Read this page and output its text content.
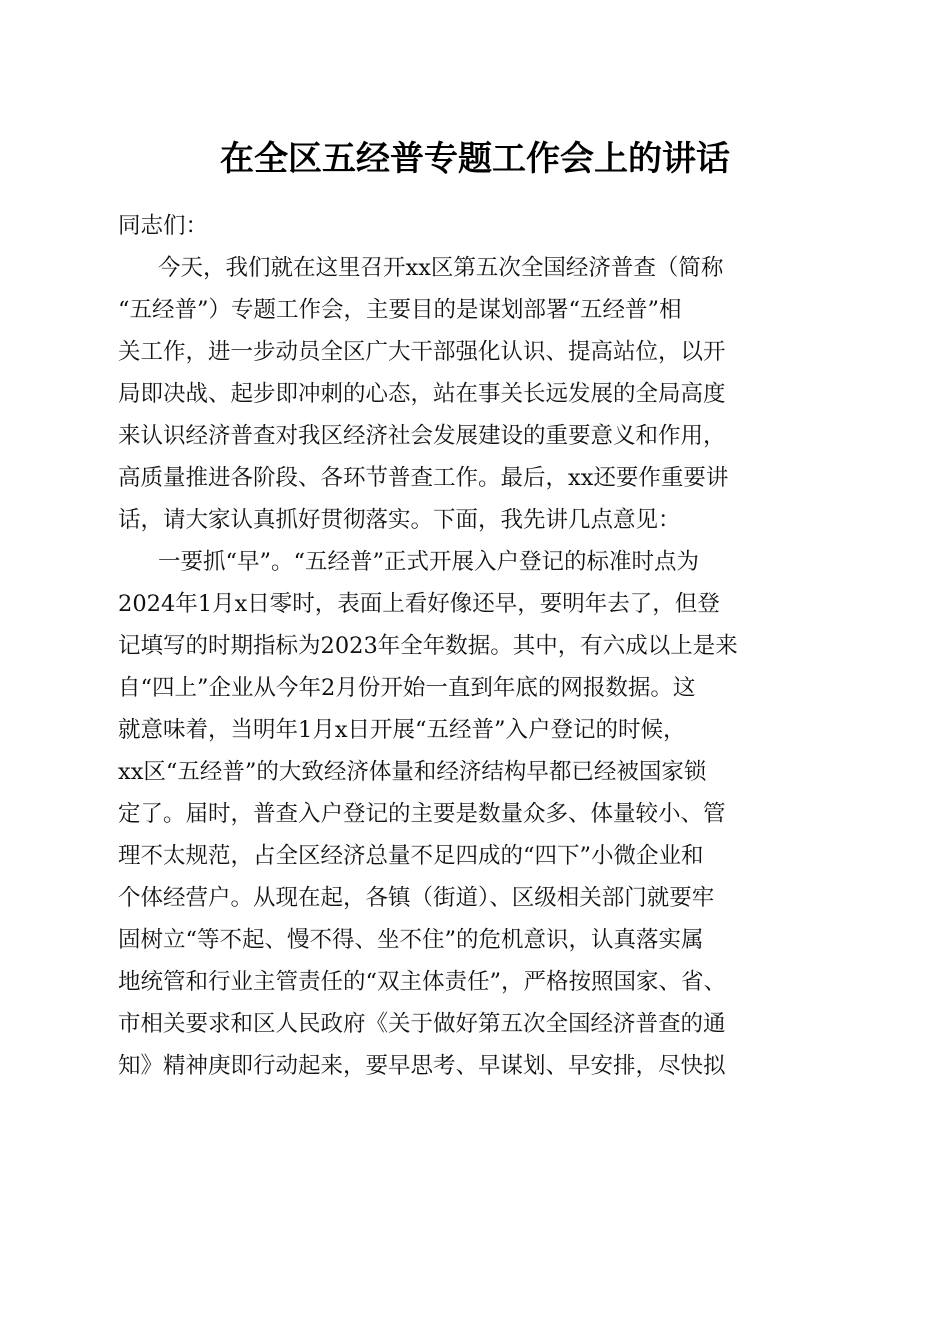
在全区五经普专题工作会上的讲话
同志们：
今天，我们就在这里召开xx区第五次全国经济普查（简称
“五经普”）专题工作会，主要目的是谋划部署“五经普”相
关工作，进一步动员全区广大干部强化认识、提高站位，以开
局即决战、起步即冲刺的心态，站在事关长远发展的全局高度
来认识经济普查对我区经济社会发展建设的重要意义和作用，
高质量推进各阶段、各环节普查工作。最后，xx还要作重要讲
话，请大家认真抓好贯彻落实。下面，我先讲几点意见：
一要抓“早”。“五经普”正式开展入户登记的标准时点为
2024年1月x日零时，表面上看好像还早，要明年去了，但登
记填写的时期指标为2023年全年数据。其中，有六成以上是来
自“四上”企业从今年2月份开始一直到年底的网报数据。这
就意味着，当明年1月x日开展“五经普”入户登记的时候，
xx区“五经普”的大致经济体量和经济结构早都已经被国家锁
定了。届时，普查入户登记的主要是数量众多、体量较小、管
理不太规范，占全区经济总量不足四成的“四下”小微企业和
个体经营户。从现在起，各镇（街道）、区级相关部门就要牢
固树立“等不起、慢不得、坐不住”的危机意识，认真落实属
地统管和行业主管责任的“双主体责任”，严格按照国家、省、
市相关要求和区人民政府《关于做好第五次全国经济普查的通
知》精神庚即行动起来，要早思考、早谋划、早安排，尽快拟
